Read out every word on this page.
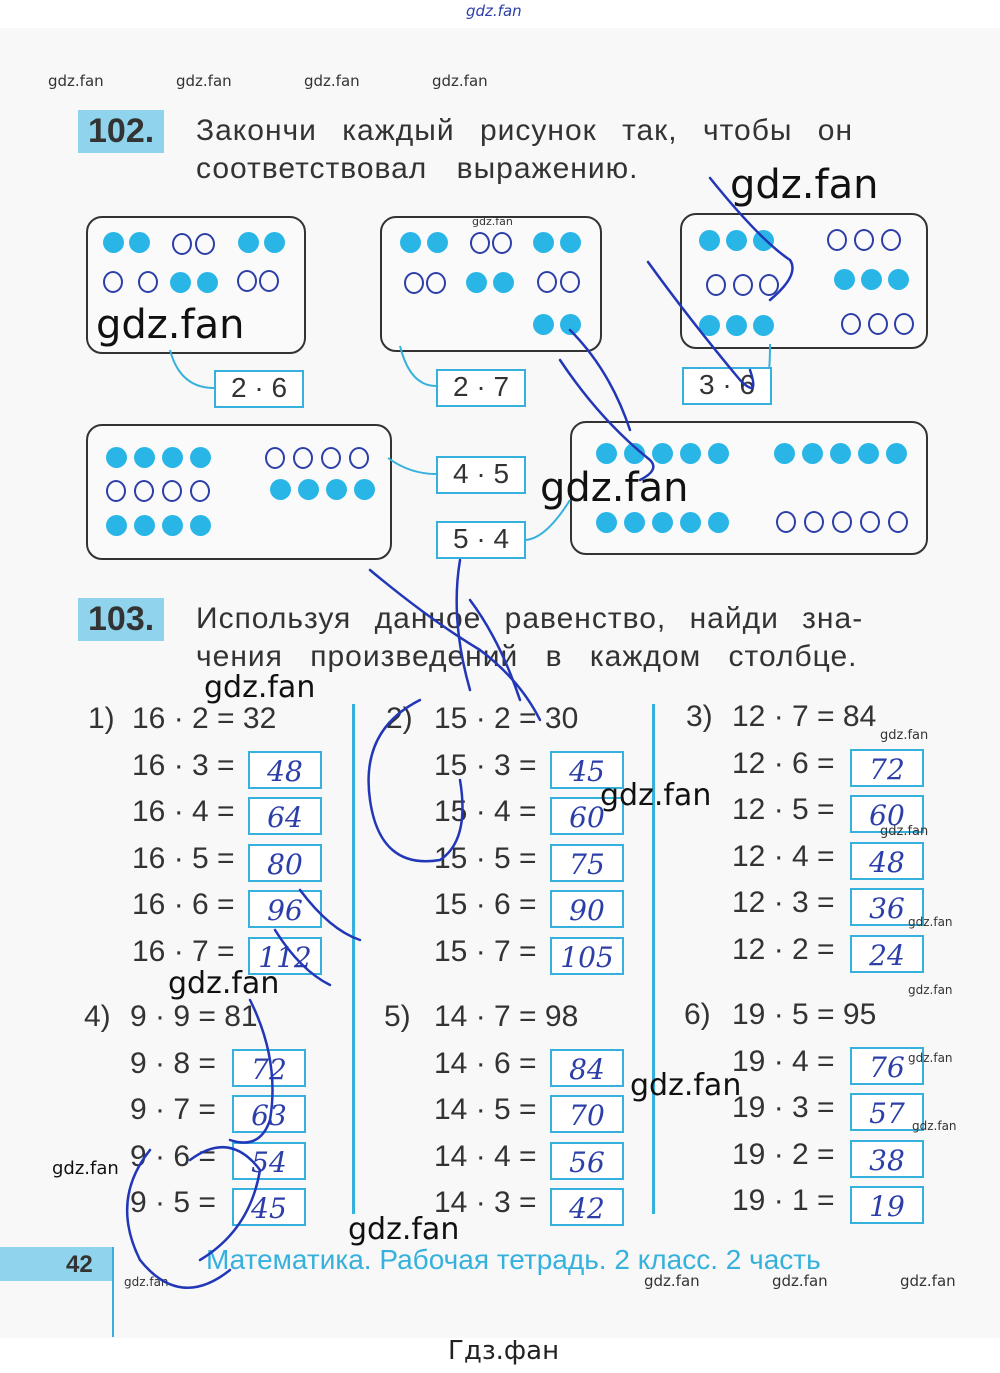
gdz.fan
gdz.fan	gdz.fan	gdz.fan	gdz.fan
102.	Закончи каждый рисунок так, чтобы он
соответствовал выражению.
2 · 6	2 · 7	3 · 6
4 · 5
5 · 4
103.	Используя данное равенство, найди зна-
чения произведений в каждом столбце.
1) 16 · 2 = 32
16 · 3 =	48
16 · 4 =	64
16 · 5 =	80
16 · 6 =	96
16 · 7 = 112
2) 15 · 2 = 30
15 · 3 =	45
15 · 4 =	60
15 · 5 =	75
15 · 6 =	90
15 · 7 = 105
3) 12 · 7 = 84
12 · 6 =	72
12 · 5 =	60
12 · 4 =	48
12 · 3 =	36
12 · 2 =	24
4) 9 · 9 = 81
9 · 8 =	72
9 · 7 =	63
9 · 6 =	54
9 · 5 =	45
5) 14 · 7 = 98
14 · 6 =	84
14 · 5 =	70
14 · 4 =	56
14 · 3 =	42
6) 19 · 5 = 95
19 · 4 =	76
19 · 3 =	57
19 · 2 =	38
19 · 1 =	19
42	Математика. Рабочая тетрадь. 2 класс. 2 часть
gdz.fan	gdz.fan	gdz.fan	gdz.fan
Гдз.фан
gdz.fan
gdz.fan
gdz.fan
gdz.fan
gdz.fan
gdz.fan
gdz.fan
gdz.fan
gdz.fan
gdz.fan
gdz.fan
gdz.fan
gdz.fan
gdz.fan
gdz.fan
gdz.fan
